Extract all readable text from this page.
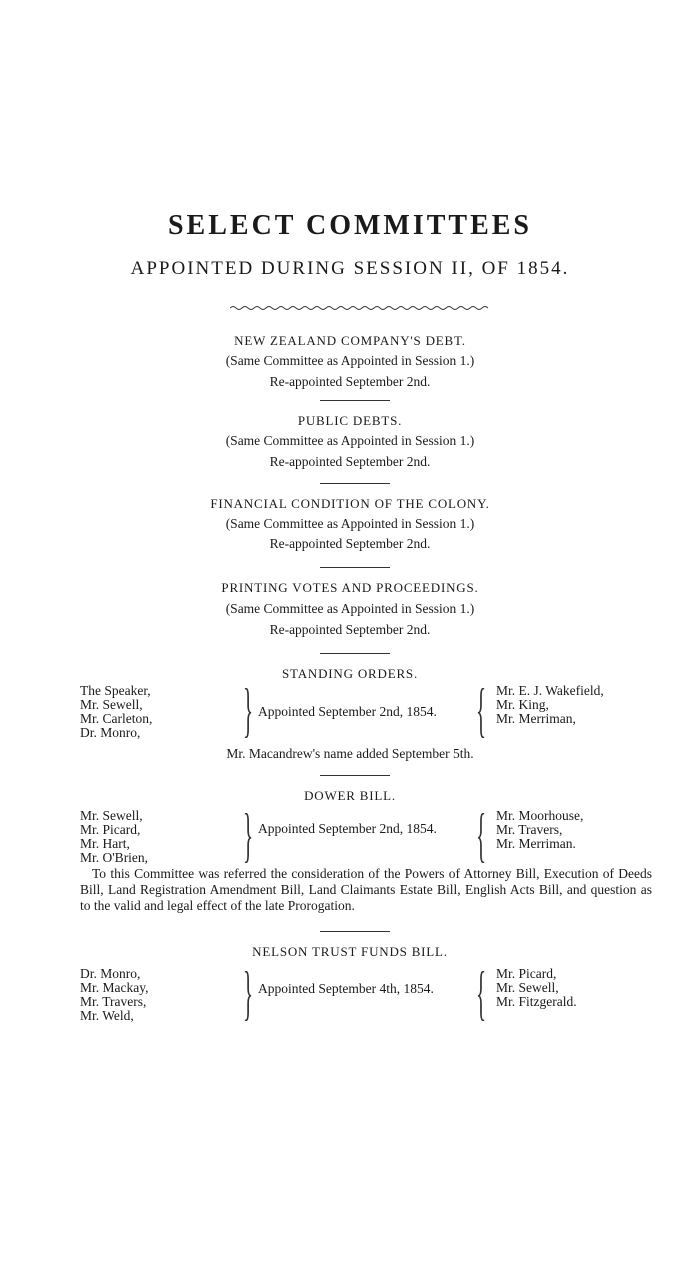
SELECT COMMITTEES
APPOINTED DURING SESSION II, OF 1854.
NEW ZEALAND COMPANY'S DEBT.
(Same Committee as Appointed in Session 1.)
Re-appointed September 2nd.
PUBLIC DEBTS.
(Same Committee as Appointed in Session 1.)
Re-appointed September 2nd.
FINANCIAL CONDITION OF THE COLONY.
(Same Committee as Appointed in Session 1.)
Re-appointed September 2nd.
PRINTING VOTES AND PROCEEDINGS.
(Same Committee as Appointed in Session 1.)
Re-appointed September 2nd.
STANDING ORDERS.
The Speaker,
Mr. Sewell,
Mr. Carleton,
Dr. Monro, } Appointed September 2nd, 1854. { Mr. E. J. Wakefield,
Mr. King,
Mr. Merriman,
Mr. Macandrew's name added September 5th.
DOWER BILL.
Mr. Sewell,
Mr. Picard,
Mr. Hart,
Mr. O'Brien, } Appointed September 2nd, 1854. { Mr. Moorhouse,
Mr. Travers,
Mr. Merriman.
To this Committee was referred the consideration of the Powers of Attorney Bill, Execution of Deeds Bill, Land Registration Amendment Bill, Land Claimants Estate Bill, English Acts Bill, and question as to the valid and legal effect of the late Prorogation.
NELSON TRUST FUNDS BILL.
Dr. Monro,
Mr. Mackay,
Mr. Travers,
Mr. Weld, } Appointed September 4th, 1854. { Mr. Picard,
Mr. Sewell,
Mr. Fitzgerald.
